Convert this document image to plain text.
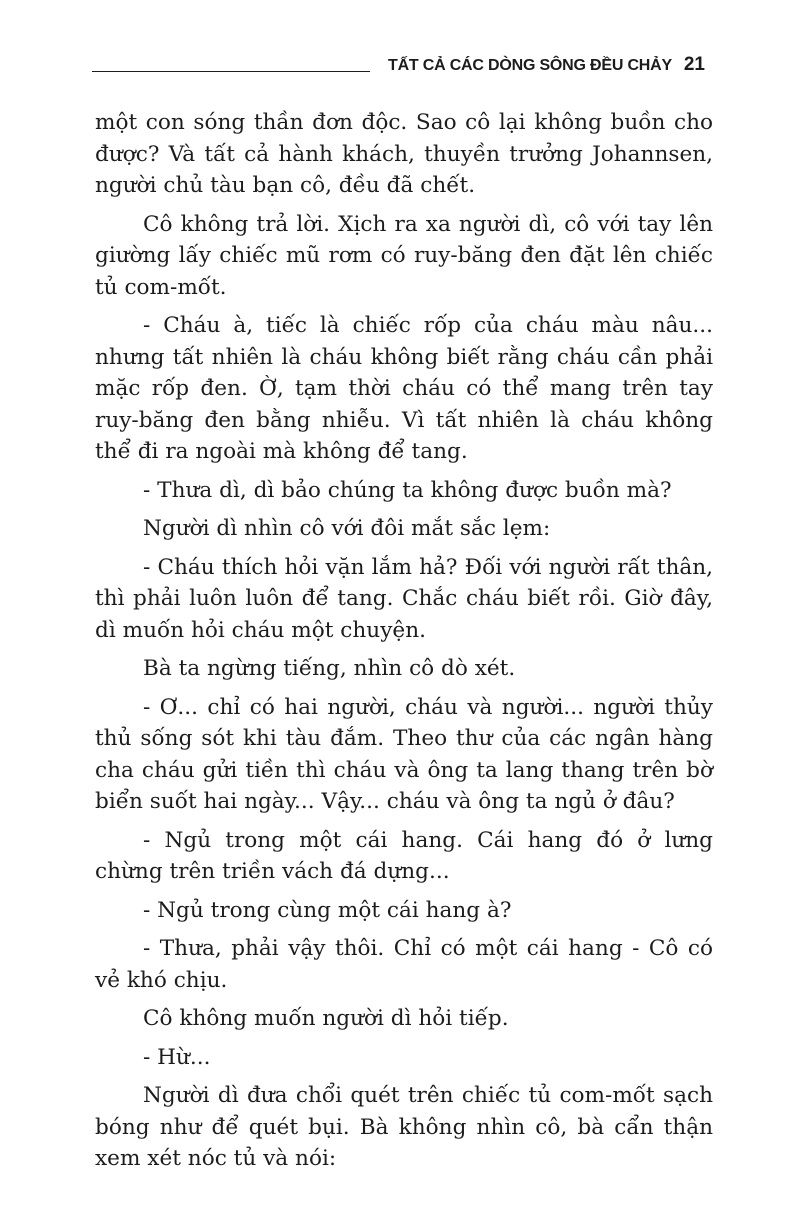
TẤT CẢ CÁC DÒNG SÔNG ĐỀU CHẢY 21

một con sóng thần đơn độc. Sao cô lại không buồn cho được? Và tất cả hành khách, thuyền trưởng Johannsen, người chủ tàu bạn cô, đều đã chết.

Cô không trả lời. Xịch ra xa người dì, cô với tay lên giường lấy chiếc mũ rơm có ruy-băng đen đặt lên chiếc tủ com-mốt.

- Cháu à, tiếc là chiếc rốp của cháu màu nâu... nhưng tất nhiên là cháu không biết rằng cháu cần phải mặc rốp đen. Ờ, tạm thời cháu có thể mang trên tay ruy-băng đen bằng nhiễu. Vì tất nhiên là cháu không thể đi ra ngoài mà không để tang.

- Thưa dì, dì bảo chúng ta không được buồn mà?

Người dì nhìn cô với đôi mắt sắc lẹm:

- Cháu thích hỏi vặn lắm hả? Đối với người rất thân, thì phải luôn luôn để tang. Chắc cháu biết rồi. Giờ đây, dì muốn hỏi cháu một chuyện.

Bà ta ngừng tiếng, nhìn cô dò xét.

- Ơ... chỉ có hai người, cháu và người... người thủy thủ sống sót khi tàu đắm. Theo thư của các ngân hàng cha cháu gửi tiền thì cháu và ông ta lang thang trên bờ biển suốt hai ngày... Vậy... cháu và ông ta ngủ ở đâu?

- Ngủ trong một cái hang. Cái hang đó ở lưng chừng trên triền vách đá dựng...

- Ngủ trong cùng một cái hang à?

- Thưa, phải vậy thôi. Chỉ có một cái hang - Cô có vẻ khó chịu.

Cô không muốn người dì hỏi tiếp.

- Hừ...

Người dì đưa chổi quét trên chiếc tủ com-mốt sạch bóng như để quét bụi. Bà không nhìn cô, bà cẩn thận xem xét nóc tủ và nói:
